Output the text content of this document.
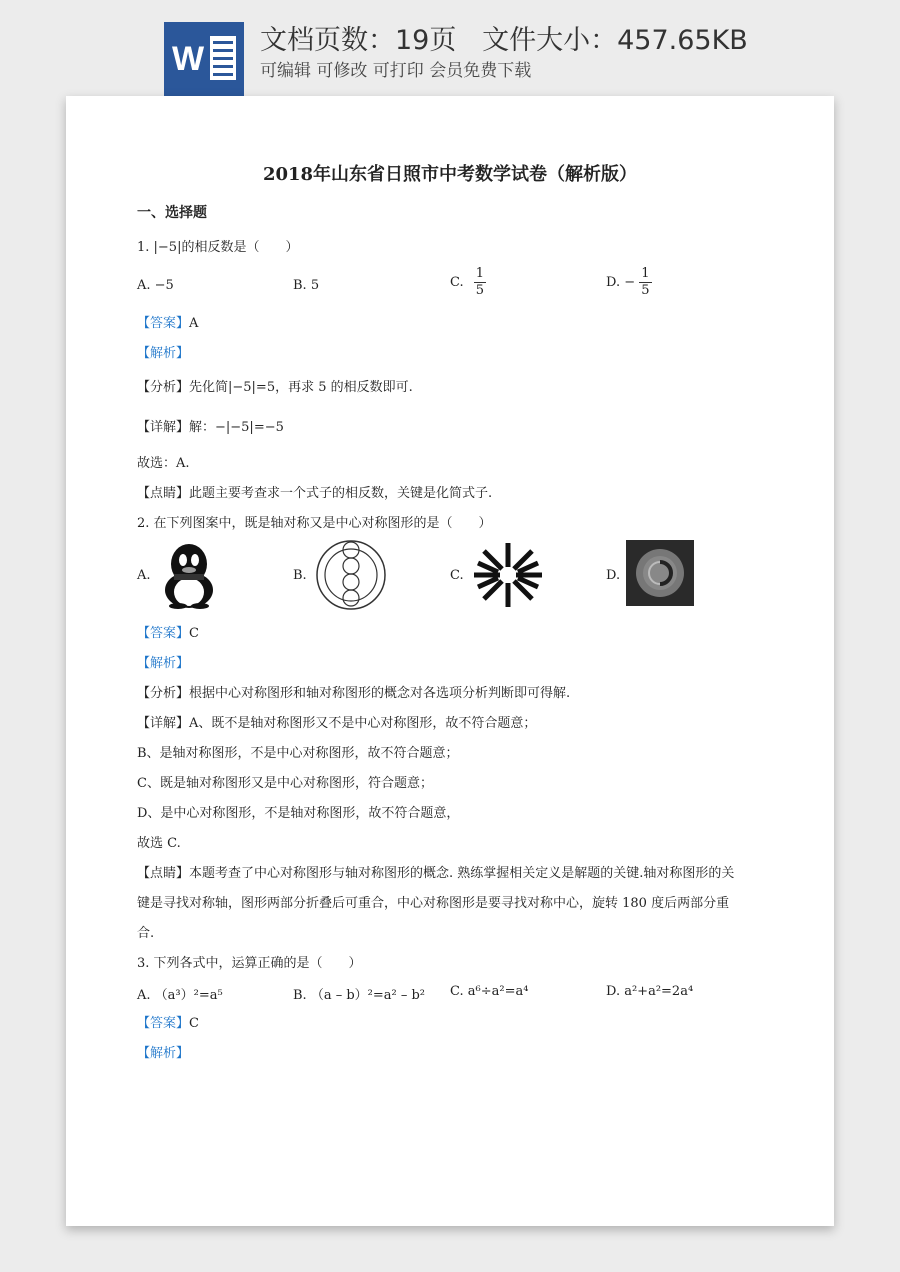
W 文档页数：19页   文件大小：457.65KB
可编辑 可修改 可打印 会员免费下载
2018年山东省日照市中考数学试卷（解析版）
一、选择题
1. |−5|的相反数是（　　）
A. −5	B. 5	C. $\frac{1}{5}$	D. − $\frac{1}{5}$
【答案】A
【解析】
【分析】先化简|−5|=5，再求 5 的相反数即可.
【详解】解：−|−5|=−5
故选：A.
【点睛】此题主要考查求一个式子的相反数，关键是化简式子.
2. 在下列图案中，既是轴对称又是中心对称图形的是（　　）
A.	B.	C.	D.
【答案】C
【解析】
【分析】根据中心对称图形和轴对称图形的概念对各选项分析判断即可得解.
【详解】A、既不是轴对称图形又不是中心对称图形，故不符合题意；
B、是轴对称图形，不是中心对称图形，故不符合题意；
C、既是轴对称图形又是中心对称图形，符合题意；
D、是中心对称图形，不是轴对称图形，故不符合题意，
故选 C.
【点睛】本题考查了中心对称图形与轴对称图形的概念. 熟练掌握相关定义是解题的关键.轴对称图形的关
键是寻找对称轴，图形两部分折叠后可重合，中心对称图形是要寻找对称中心，旋转 180 度后两部分重
合.
3. 下列各式中，运算正确的是（　　）
A. （a³）²=a⁵	B. （a – b）²=a² – b² C. a⁶÷a²=a⁴	D. a²+a²=2a⁴
【答案】C
【解析】
